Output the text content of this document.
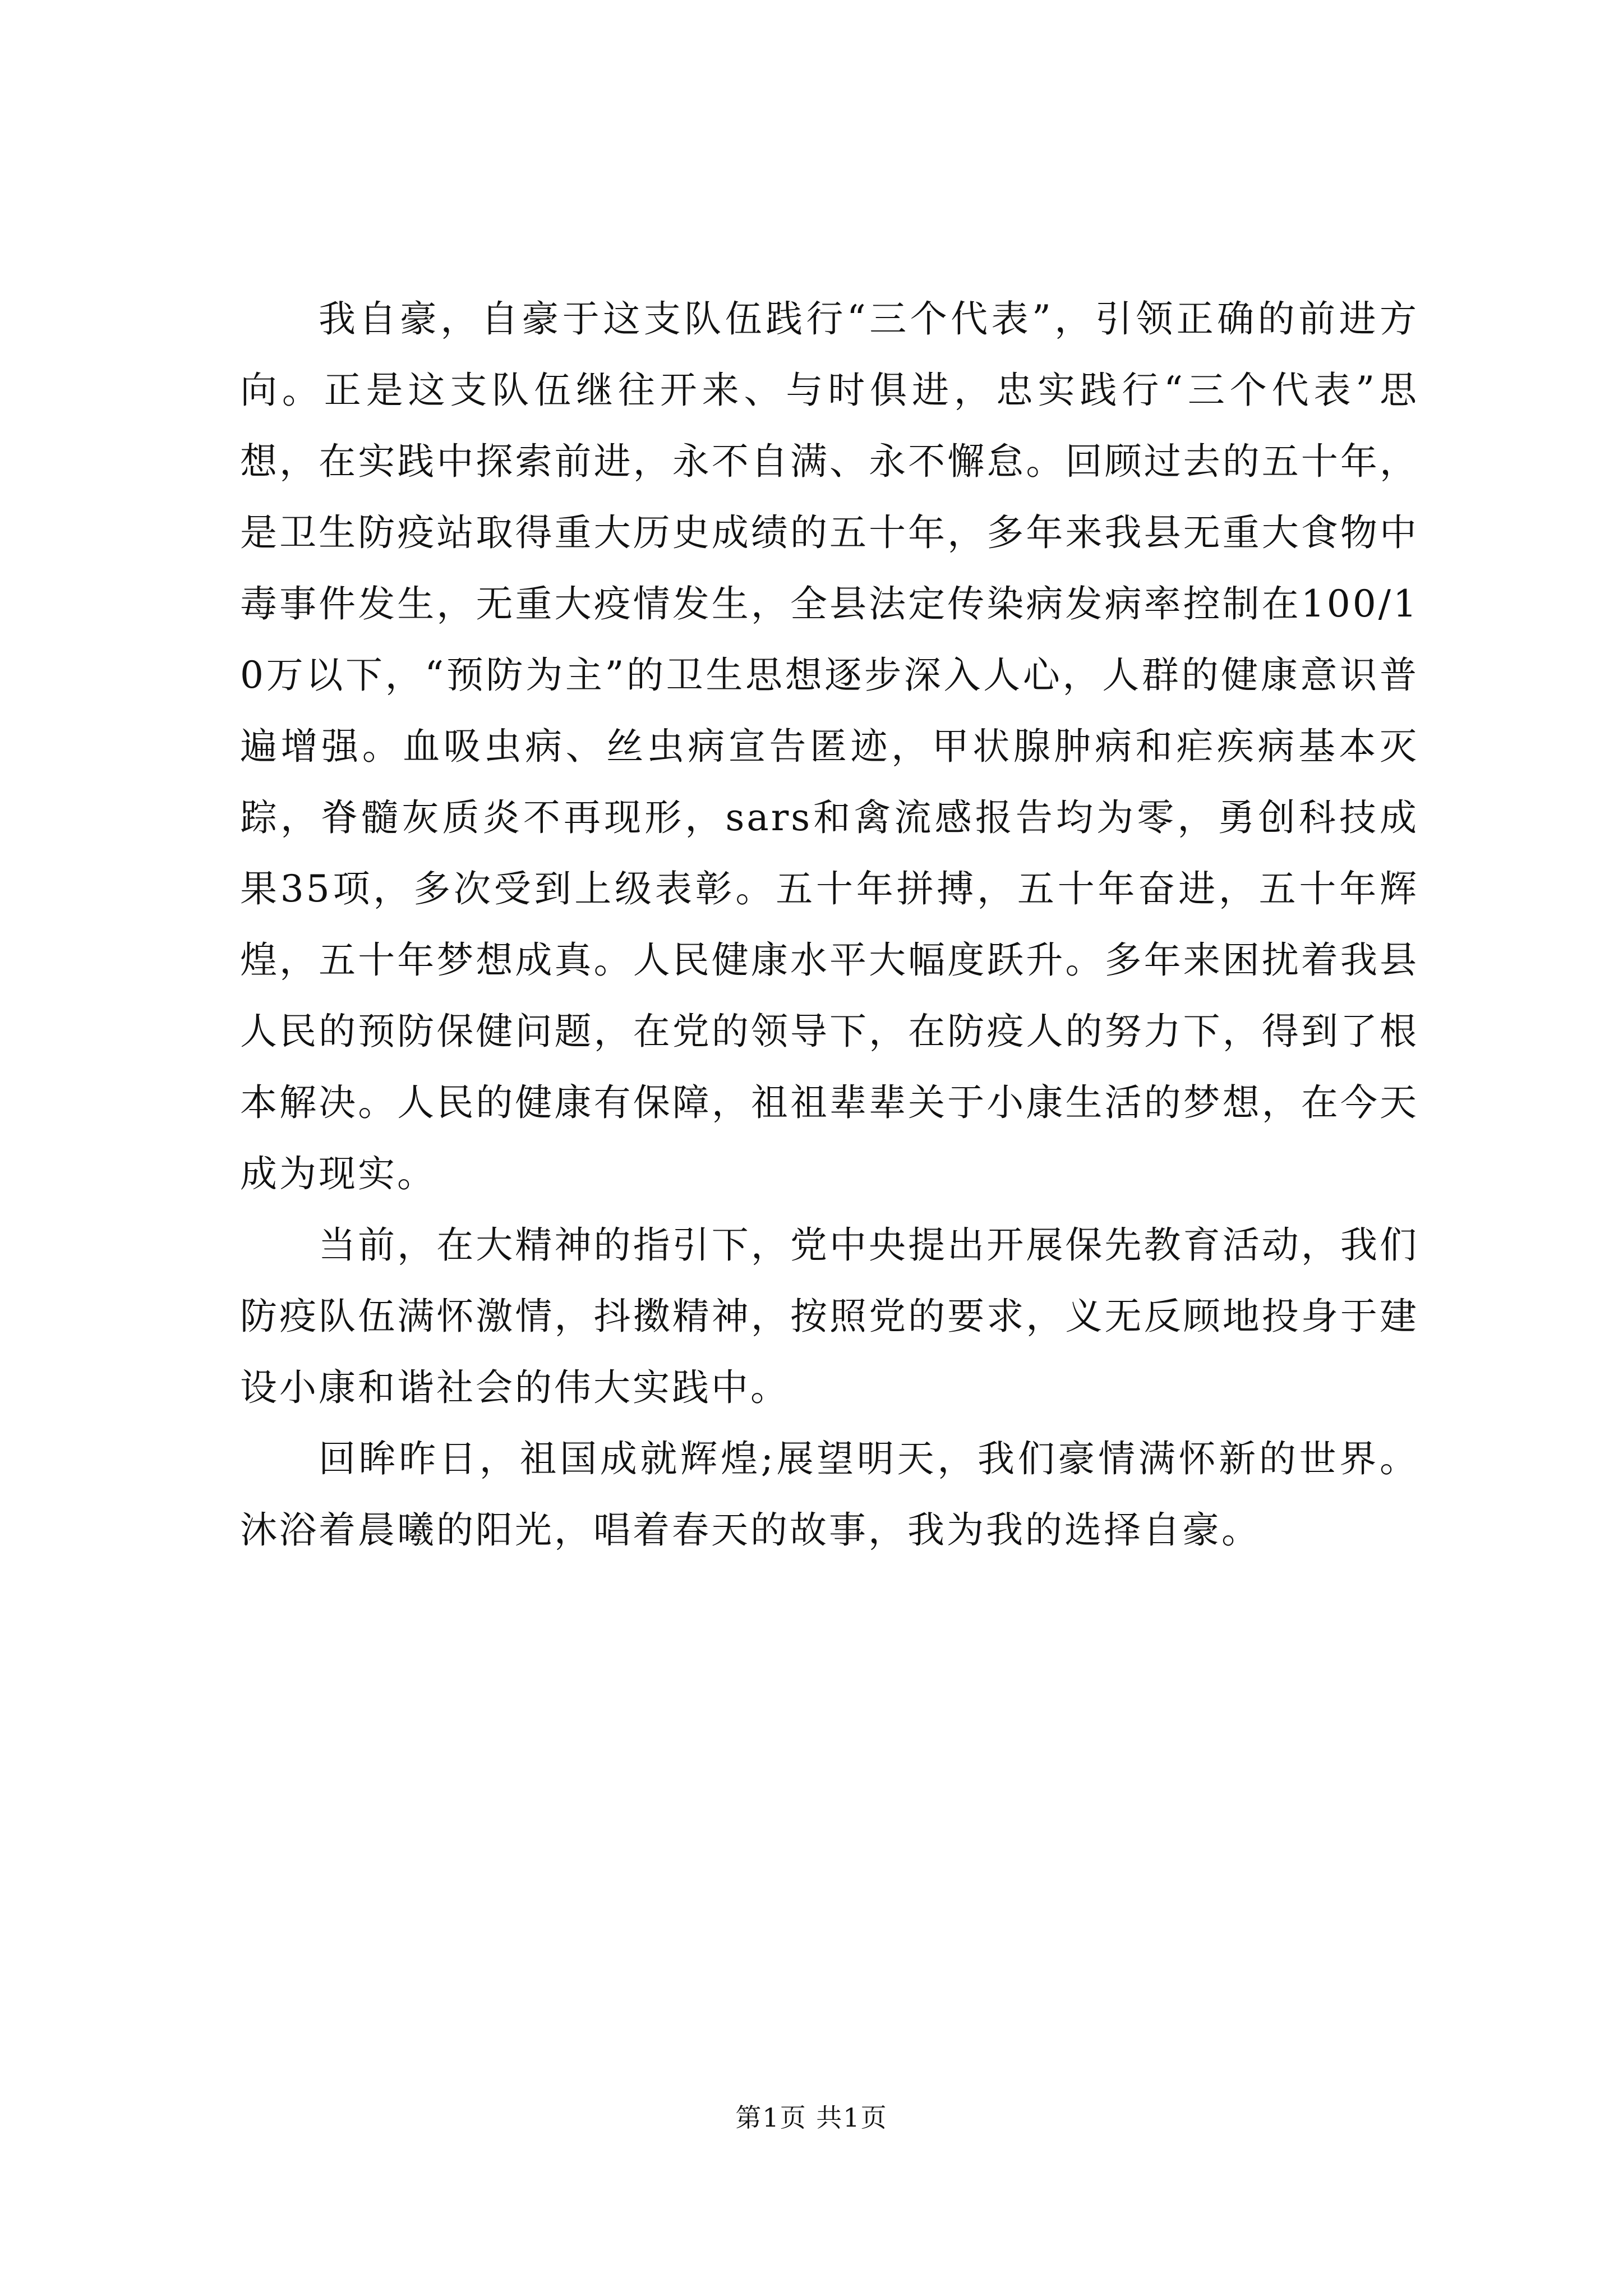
我自豪，自豪于这支队伍践行“三个代表”，引领正确的前进方向。正是这支队伍继往开来、与时俱进，忠实践行“三个代表”思想，在实践中探索前进，永不自满、永不懈怠。回顾过去的五十年，是卫生防疫站取得重大历史成绩的五十年，多年来我县无重大食物中毒事件发生，无重大疫情发生，全县法定传染病发病率控制在100/10万以下，“预防为主”的卫生思想逐步深入人心，人群的健康意识普遍增强。血吸虫病、丝虫病宣告匿迹，甲状腺肿病和疟疾病基本灭踪，脊髓灰质炎不再现形，sars和禽流感报告均为零，勇创科技成果35项，多次受到上级表彰。五十年拼搏，五十年奋进，五十年辉煌，五十年梦想成真。人民健康水平大幅度跃升。多年来困扰着我县人民的预防保健问题，在党的领导下，在防疫人的努力下，得到了根本解决。人民的健康有保障，祖祖辈辈关于小康生活的梦想，在今天成为现实。

当前，在大精神的指引下，党中央提出开展保先教育活动，我们防疫队伍满怀激情，抖擞精神，按照党的要求，义无反顾地投身于建设小康和谐社会的伟大实践中。

回眸昨日，祖国成就辉煌;展望明天，我们豪情满怀新的世界。沐浴着晨曦的阳光，唱着春天的故事，我为我的选择自豪。

第1页 共1页
